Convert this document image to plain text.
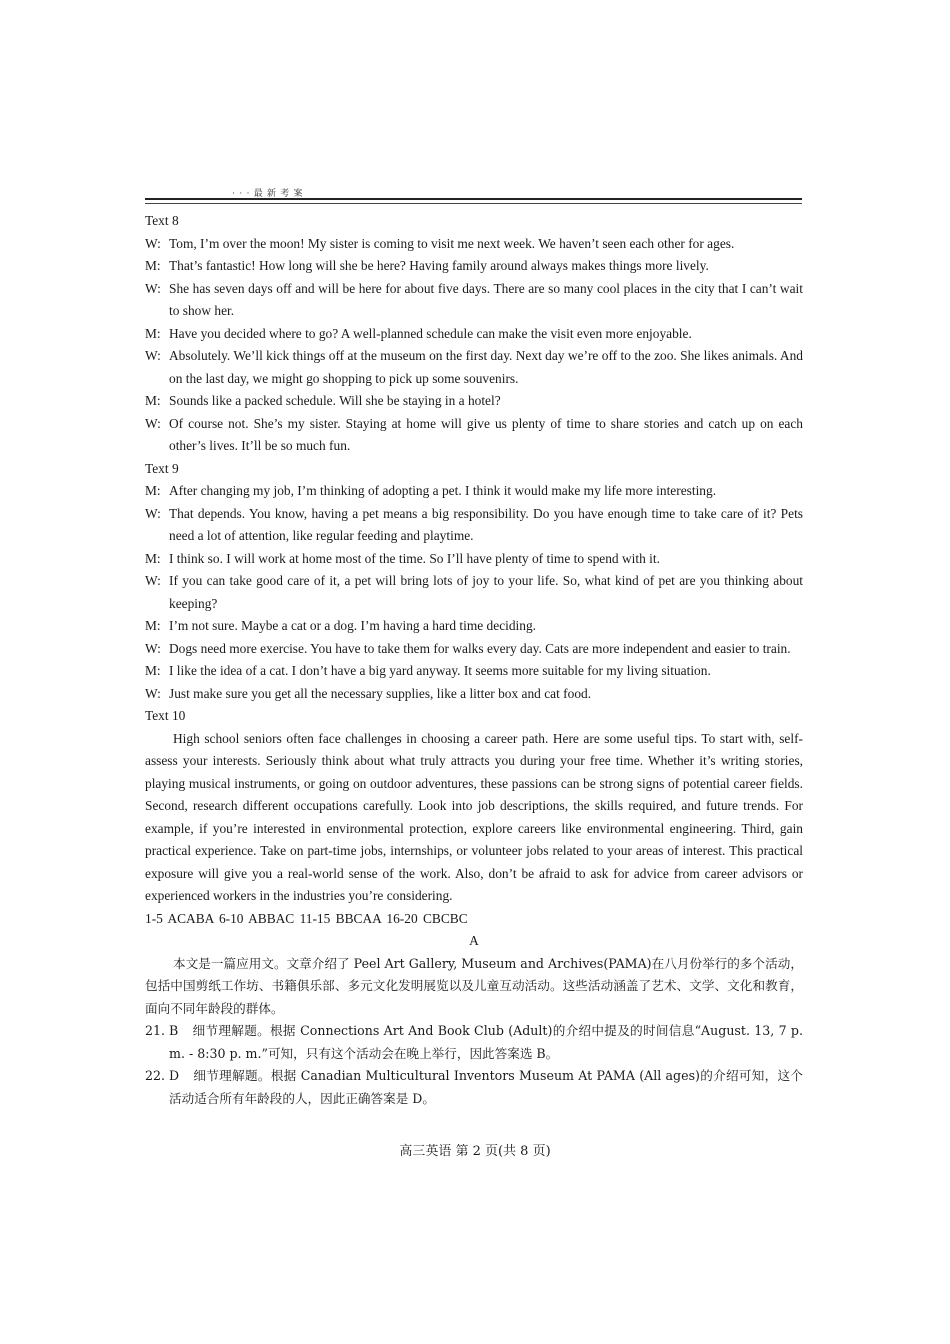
· · · 最 新 考 案

Text 8

W: Tom, I’m over the moon! My sister is coming to visit me next week. We haven’t seen each other for ages.

M: That’s fantastic! How long will she be here? Having family around always makes things more lively.

W: She has seven days off and will be here for about five days. There are so many cool places in the city that I can’t wait to show her.

M: Have you decided where to go? A well-planned schedule can make the visit even more enjoyable.

W: Absolutely. We’ll kick things off at the museum on the first day. Next day we’re off to the zoo. She likes animals. And on the last day, we might go shopping to pick up some souvenirs.

M: Sounds like a packed schedule. Will she be staying in a hotel?

W: Of course not. She’s my sister. Staying at home will give us plenty of time to share stories and catch up on each other’s lives. It’ll be so much fun.

Text 9

M: After changing my job, I’m thinking of adopting a pet. I think it would make my life more interesting.

W: That depends. You know, having a pet means a big responsibility. Do you have enough time to take care of it? Pets need a lot of attention, like regular feeding and playtime.

M: I think so. I will work at home most of the time. So I’ll have plenty of time to spend with it.

W: If you can take good care of it, a pet will bring lots of joy to your life. So, what kind of pet are you thinking about keeping?

M: I’m not sure. Maybe a cat or a dog. I’m having a hard time deciding.

W: Dogs need more exercise. You have to take them for walks every day. Cats are more independent and easier to train.

M: I like the idea of a cat. I don’t have a big yard anyway. It seems more suitable for my living situation.

W: Just make sure you get all the necessary supplies, like a litter box and cat food.

Text 10

High school seniors often face challenges in choosing a career path. Here are some useful tips. To start with, self-assess your interests. Seriously think about what truly attracts you during your free time. Whether it’s writing stories, playing musical instruments, or going on outdoor adventures, these passions can be strong signs of potential career fields. Second, research different occupations carefully. Look into job descriptions, the skills required, and future trends. For example, if you’re interested in environmental protection, explore careers like environmental engineering. Third, gain practical experience. Take on part-time jobs, internships, or volunteer jobs related to your areas of interest. This practical exposure will give you a real-world sense of the work. Also, don’t be afraid to ask for advice from career advisors or experienced workers in the industries you’re considering.

1-5 ACABA 6-10 ABBAC 11-15 BBCAA 16-20 CBCBC

A

本文是一篇应用文。文章介绍了 Peel Art Gallery, Museum and Archives(PAMA)在八月份举行的多个活动，包括中国剪纸工作坊、书籍俱乐部、多元文化发明展览以及儿童互动活动。这些活动涵盖了艺术、文学、文化和教育，面向不同年龄段的群体。

21. B 细节理解题。根据 Connections Art And Book Club (Adult)的介绍中提及的时间信息“August. 13, 7 p. m. - 8:30 p. m.”可知，只有这个活动会在晚上举行，因此答案选 B。

22. D 细节理解题。根据 Canadian Multicultural Inventors Museum At PAMA (All ages)的介绍可知，这个活动适合所有年龄段的人，因此正确答案是 D。

高三英语 第 2 页(共 8 页)
